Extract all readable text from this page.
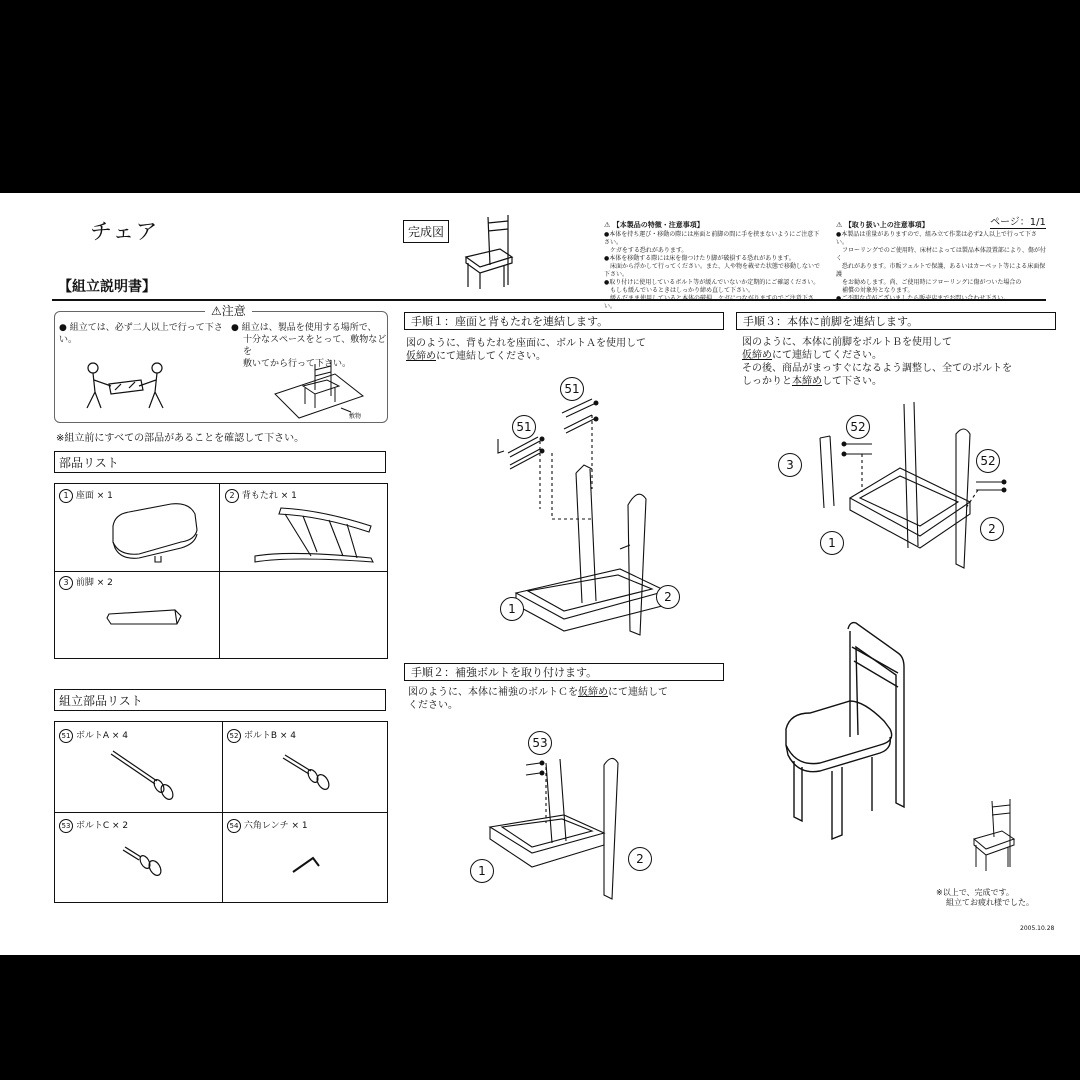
チェア
【組立説明書】
完成図
ページ：1/1
⚠ 【本製品の特徴・注意事項】
●本体を持ち運び・移動の際には座面と前脚の間に手を挟まないようにご注意下さい。
　ケガをする恐れがあります。
●本体を移動する際には床を傷つけたり脚が破損する恐れがあります。
　床面から浮かして行ってください。また、人や物を載せた状態で移動しないで下さい。
●取り付けに使用しているボルト等が緩んでいないか定期的にご確認ください。
　もしも緩んでいるときはしっかり締め直して下さい。
　緩んだまま使用していると本体の破損、ケガにつながりますのでご注意下さい。
⚠ 【取り扱い上の注意事項】
●本製品は重量がありますので、組み立て作業は必ず2人以上で行って下さい。
　フローリングでのご使用時、床材によっては製品本体設置部により、傷が付く
　恐れがあります。市販フェルトで保護、あるいはカーペット等による床面保護
　をお勧めします。尚、ご使用時にフローリングに傷がついた場合の
　補償の対象外となります。
●ご不明な点がございましたら販売店までお問い合わせ下さい。
⚠注意
● 組立ては、必ず二人以上で行って下さい。
● 組立は、製品を使用する場所で、
十分なスペースをとって、敷物などを
敷いてから行って下さい。
敷物
※組立前にすべての部品があることを確認して下さい。
部品リスト
1 座面 × 1	2 背もたれ × 1
3 前脚 × 2
組立部品リスト
51 ボルトA × 4	52 ボルトB × 4
53 ボルトC × 2	54 六角レンチ × 1
手順１：座面と背もたれを連結します。
図のように、背もたれを座面に、ボルトＡを使用して
仮締めにて連結してください。
51
51
1
2
手順２：補強ボルトを取り付けます。
図のように、本体に補強のボルトＣを仮締めにて連結して
ください。
53
1
2
手順３：本体に前脚を連結します。
図のように、本体に前脚をボルトＢを使用して
仮締めにて連結してください。
その後、商品がまっすぐになるよう調整し、全てのボルトを
しっかりと本締めして下さい。
3
52
52
1
2
※以上で、完成です。
組立てお疲れ様でした。
2005.10.28
